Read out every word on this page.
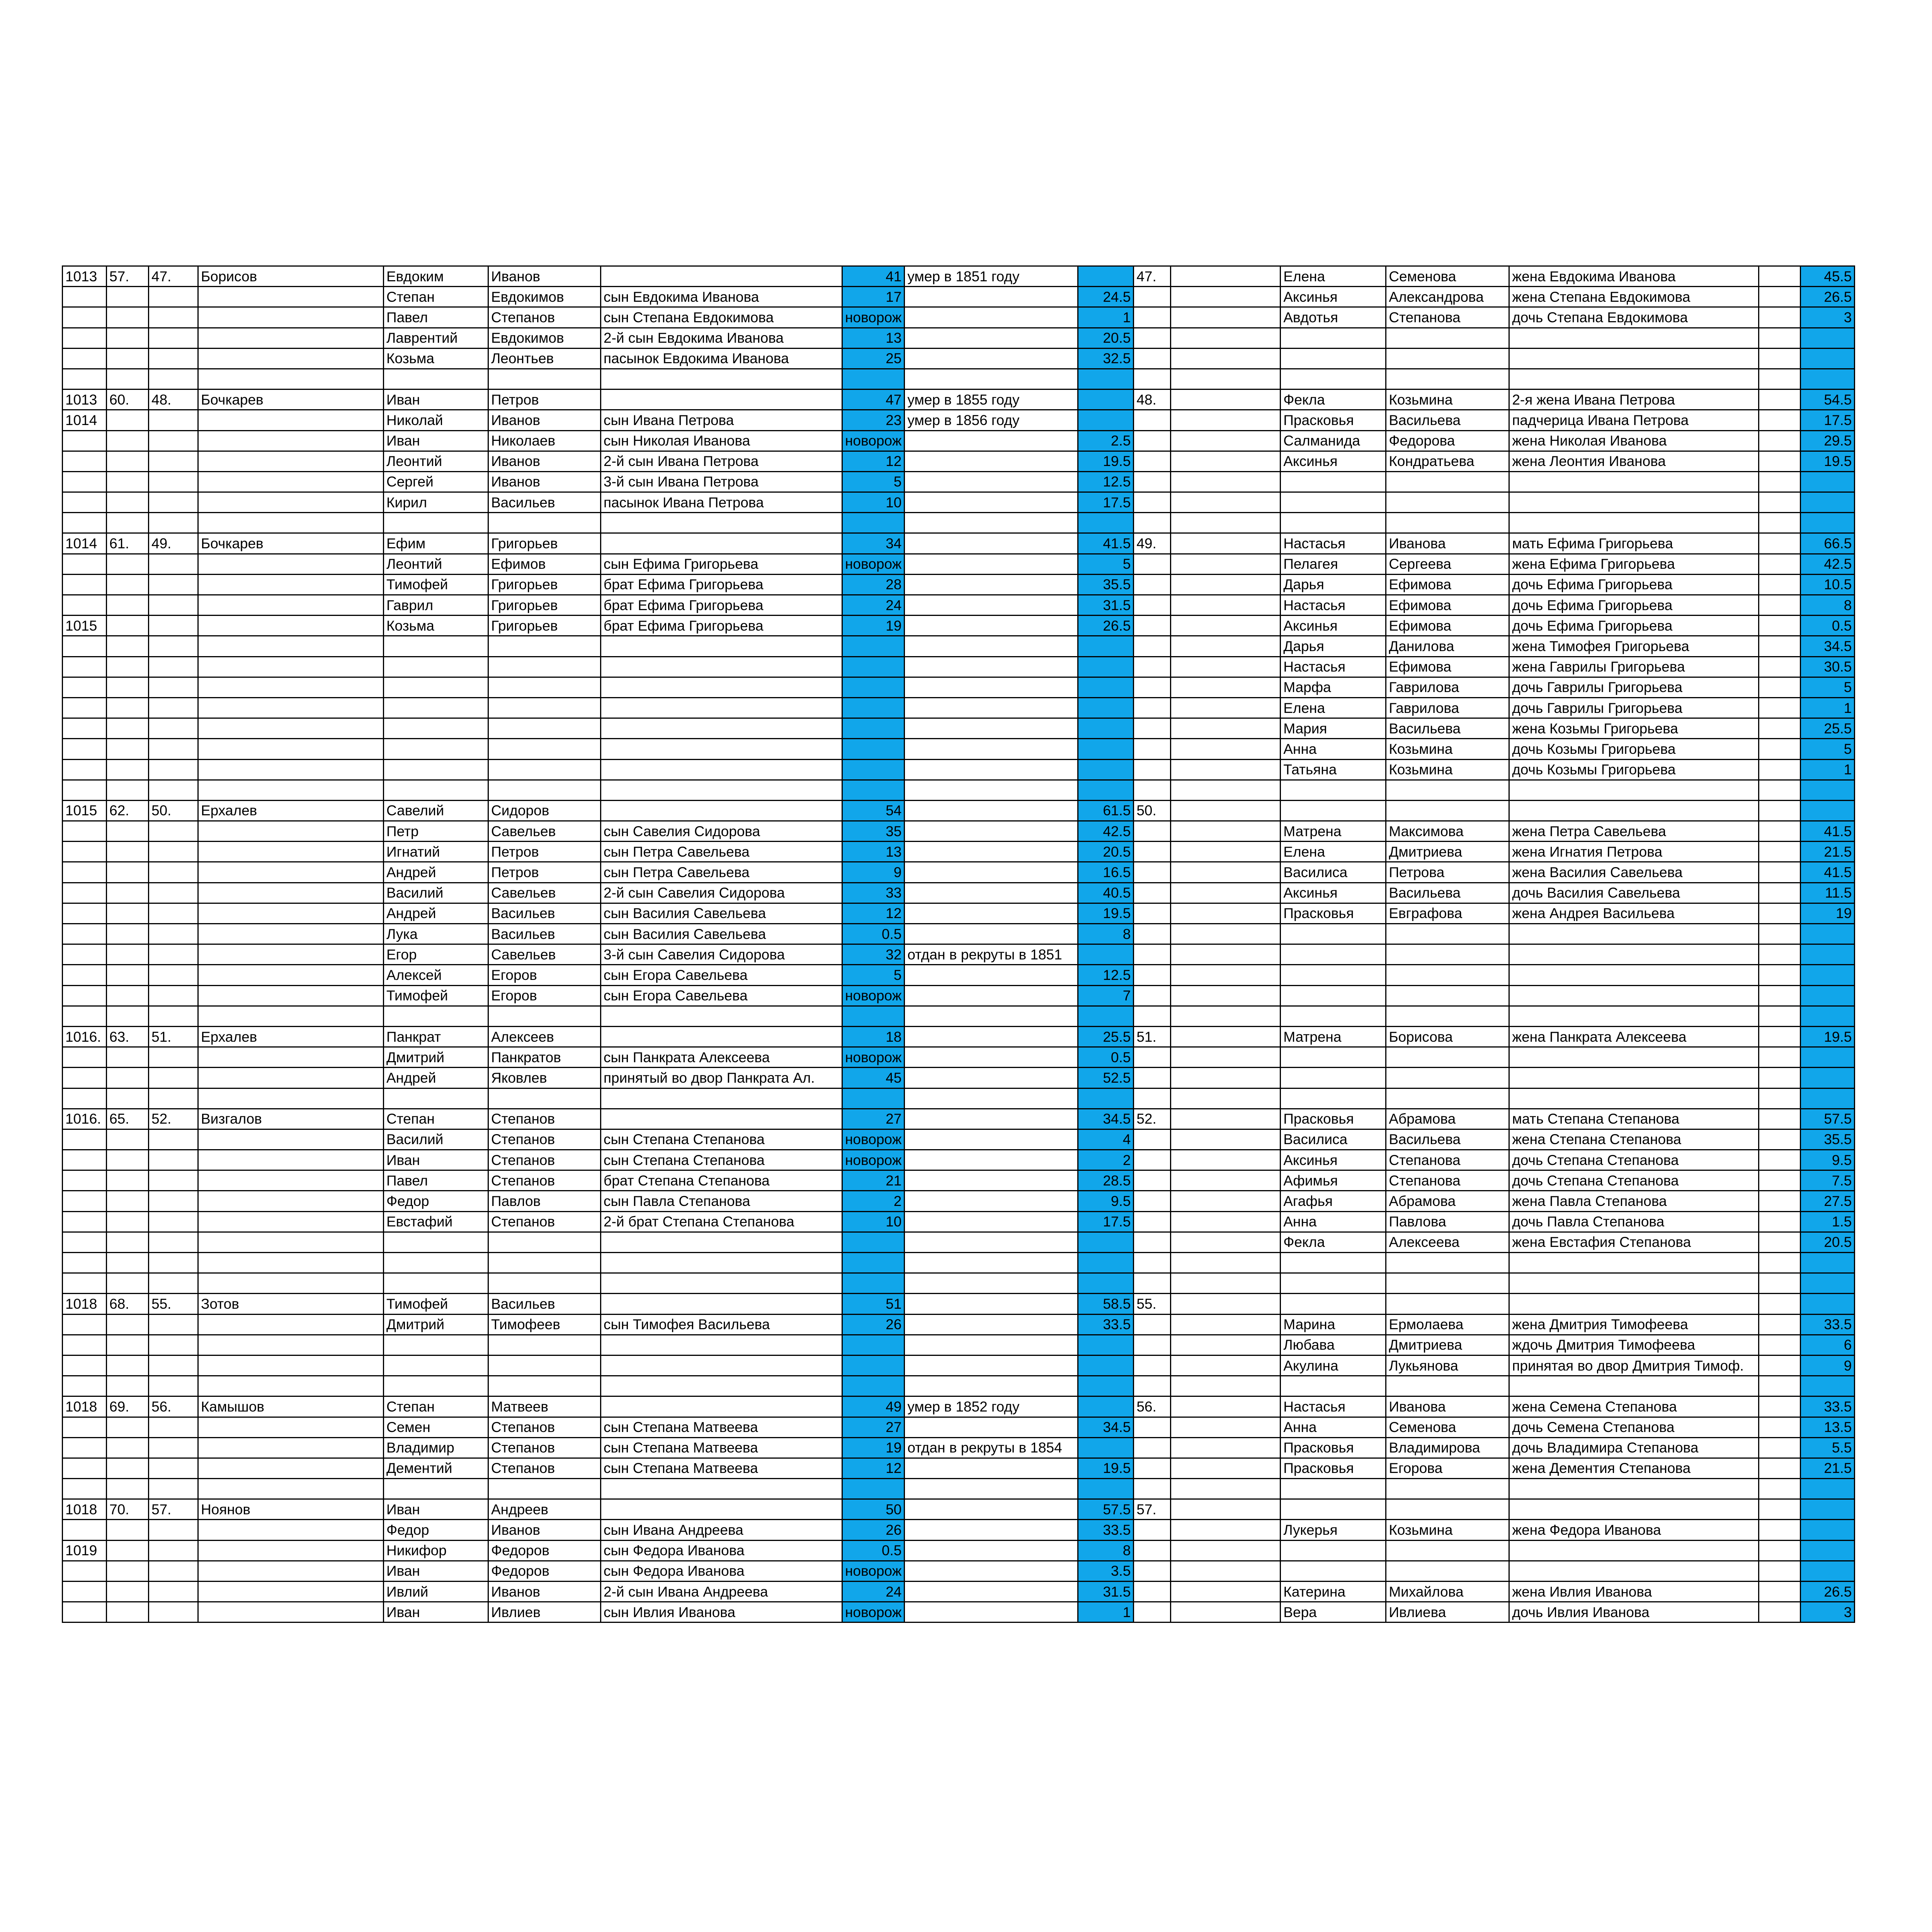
1013	57.	47.	Борисов	Евдоким	Иванов		41	умер в 1851 году		47.		Елена	Семенова	жена Евдокима Иванова		45.5
				Степан	Евдокимов	сын Евдокима Иванова	17		24.5			Аксинья	Александрова	жена Степана Евдокимова		26.5
				Павел	Степанов	сын Степана Евдокимова	новорож		1			Авдотья	Степанова	дочь Степана Евдокимова		3
				Лаврентий	Евдокимов	2-й сын Евдокима Иванова	13		20.5							
				Козьма	Леонтьев	пасынок Евдокима Иванова	25		32.5							

1013	60.	48.	Бочкарев	Иван	Петров		47	умер в 1855 году		48.		Фекла	Козьмина	2-я жена Ивана Петрова		54.5
1014				Николай	Иванов	сын Ивана Петрова	23	умер в 1856 году				Прасковья	Васильева	падчерица Ивана Петрова		17.5
				Иван	Николаев	сын Николая Иванова	новорож		2.5			Салманида	Федорова	жена Николая Иванова		29.5
				Леонтий	Иванов	2-й сын Ивана Петрова	12		19.5			Аксинья	Кондратьева	жена Леонтия Иванова		19.5
				Сергей	Иванов	3-й сын Ивана Петрова	5		12.5							
				Кирил	Васильев	пасынок Ивана Петрова	10		17.5							

1014	61.	49.	Бочкарев	Ефим	Григорьев		34		41.5	49.		Настасья	Иванова	мать Ефима Григорьева		66.5
				Леонтий	Ефимов	сын Ефима Григорьева	новорож		5			Пелагея	Сергеева	жена Ефима Григорьева		42.5
				Тимофей	Григорьев	брат Ефима Григорьева	28		35.5			Дарья	Ефимова	дочь Ефима Григорьева		10.5
				Гаврил	Григорьев	брат Ефима Григорьева	24		31.5			Настасья	Ефимова	дочь Ефима Григорьева		8
1015				Козьма	Григорьев	брат Ефима Григорьева	19		26.5			Аксинья	Ефимова	дочь Ефима Григорьева		0.5
												Дарья	Данилова	жена Тимофея Григорьева		34.5
												Настасья	Ефимова	жена Гаврилы Григорьева		30.5
												Марфа	Гаврилова	дочь Гаврилы Григорьева		5
												Елена	Гаврилова	дочь Гаврилы Григорьева		1
												Мария	Васильева	жена Козьмы Григорьева		25.5
												Анна	Козьмина	дочь Козьмы Григорьева		5
												Татьяна	Козьмина	дочь Козьмы Григорьева		1

1015	62.	50.	Ерхалев	Савелий	Сидоров		54		61.5	50.						
				Петр	Савельев	сын Савелия Сидорова	35		42.5			Матрена	Максимова	жена Петра Савельева		41.5
				Игнатий	Петров	сын Петра Савельева	13		20.5			Елена	Дмитриева	жена Игнатия Петрова		21.5
				Андрей	Петров	сын Петра Савельева	9		16.5			Василиса	Петрова	жена Василия Савельева		41.5
				Василий	Савельев	2-й сын Савелия Сидорова	33		40.5			Аксинья	Васильева	дочь Василия Савельева		11.5
				Андрей	Васильев	сын Василия Савельева	12		19.5			Прасковья	Евграфова	жена Андрея Васильева		19
				Лука	Васильев	сын Василия Савельева	0.5		8							
				Егор	Савельев	3-й сын Савелия Сидорова	32	отдан в рекруты в 1851								
				Алексей	Егоров	сын Егора Савельева	5		12.5							
				Тимофей	Егоров	сын Егора Савельева	новорож		7							

1016.	63.	51.	Ерхалев	Панкрат	Алексеев		18		25.5	51.		Матрена	Борисова	жена Панкрата Алексеева		19.5
				Дмитрий	Панкратов	сын Панкрата Алексеева	новорож		0.5							
				Андрей	Яковлев	принятый во двор Панкрата Ал.	45		52.5							

1016.	65.	52.	Визгалов	Степан	Степанов		27		34.5	52.		Прасковья	Абрамова	мать Степана Степанова		57.5
				Василий	Степанов	сын Степана Степанова	новорож		4			Василиса	Васильева	жена Степана Степанова		35.5
				Иван	Степанов	сын Степана Степанова	новорож		2			Аксинья	Степанова	дочь Степана Степанова		9.5
				Павел	Степанов	брат Степана Степанова	21		28.5			Афимья	Степанова	дочь Степана Степанова		7.5
				Федор	Павлов	сын Павла Степанова	2		9.5			Агафья	Абрамова	жена Павла Степанова		27.5
				Евстафий	Степанов	2-й брат Степана Степанова	10		17.5			Анна	Павлова	дочь Павла Степанова		1.5
												Фекла	Алексеева	жена Евстафия Степанова		20.5

1018	68.	55.	Зотов	Тимофей	Васильев		51		58.5	55.						
				Дмитрий	Тимофеев	сын Тимофея Васильева	26		33.5			Марина	Ермолаева	жена Дмитрия Тимофеева		33.5
												Любава	Дмитриева	ждочь Дмитрия Тимофеева		6
												Акулина	Лукьянова	принятая во двор Дмитрия Тимоф.		9

1018	69.	56.	Камышов	Степан	Матвеев		49	умер в 1852 году		56.		Настасья	Иванова	жена Семена Степанова		33.5
				Семен	Степанов	сын Степана Матвеева	27		34.5			Анна	Семенова	дочь Семена Степанова		13.5
				Владимир	Степанов	сын Степана Матвеева	19	отдан в рекруты в 1854				Прасковья	Владимирова	дочь Владимира Степанова		5.5
				Дементий	Степанов	сын Степана Матвеева	12		19.5			Прасковья	Егорова	жена Дементия Степанова		21.5

1018	70.	57.	Ноянов	Иван	Андреев		50		57.5	57.						
				Федор	Иванов	сын Ивана Андреева	26		33.5			Лукерья	Козьмина	жена Федора Иванова		
1019				Никифор	Федоров	сын Федора Иванова	0.5		8							
				Иван	Федоров	сын Федора Иванова	новорож		3.5							
				Ивлий	Иванов	2-й сын Ивана Андреева	24		31.5			Катерина	Михайлова	жена Ивлия Иванова		26.5
				Иван	Ивлиев	сын Ивлия Иванова	новорож		1			Вера	Ивлиева	дочь Ивлия Иванова		3
